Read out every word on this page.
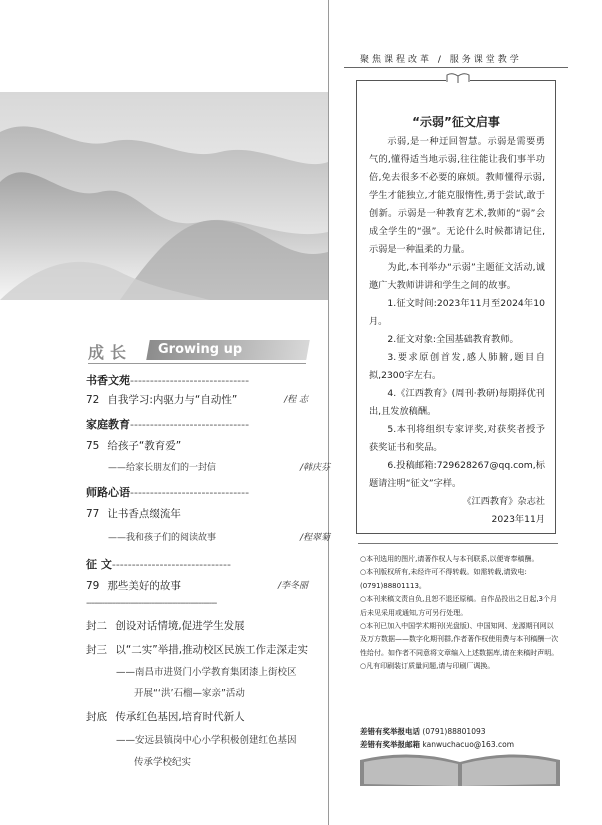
成长 Growing up
书香文苑------------------------------
72 自我学习:内驱力与“自动性”	/程 志
家庭教育------------------------------
75 给孩子“教育爱”
——给家长朋友们的一封信	/韩庆芬
师路心语------------------------------
77 让书香点缀流年
——我和孩子们的阅读故事	/程翠菊
征 文------------------------------
79 那些美好的故事	/李冬丽
--------------------------------------------------
封二 创设对话情境,促进学生发展
封三 以“二实”举措,推动校区民族工作走深走实
——南昌市进贤门小学教育集团漆上街校区
开展“‘洪’石榴—家亲”活动
封底 传承红色基因,培育时代新人
——安远县镇岗中心小学积极创建红色基因
传承学校纪实
聚焦课程改革 / 服务课堂教学
“示弱”征文启事

示弱,是一种迂回智慧。示弱是需要勇气的,懂得适当地示弱,往往能让我们事半功倍,免去很多不必要的麻烦。教师懂得示弱,学生才能独立,才能克服惰性,勇于尝试,敢于创新。示弱是一种教育艺术,教师的“弱”会成全学生的“强”。无论什么时候都请记住,示弱是一种温柔的力量。

为此,本刊举办“示弱”主题征文活动,诚邀广大教师讲讲和学生之间的故事。

1.征文时间:2023年11月至2024年10月。

2.征文对象:全国基础教育教师。

3.要求原创首发,感人肺腑,题目自拟,2300字左右。

4.《江西教育》(周刊·教研)每期择优刊出,且发放稿酬。

5.本刊将组织专家评奖,对获奖者授予获奖证书和奖品。

6.投稿邮箱:729628267@qq.com,标题请注明“征文”字样。

《江西教育》杂志社

2023年11月

○本刊选用的图片,请著作权人与本刊联系,以便寄奉稿酬。

○本刊版权所有,未经许可不得转载。如需转载,请致电:(0791)88801113。

○本刊来稿文责自负,且恕不退还原稿。自作品投出之日起,3个月后未见采用或通知,方可另行处理。

○本刊已加入中国学术期刊(光盘版)、中国知网、龙源期刊网以及万方数据——数字化期刊群,作者著作权使用费与本刊稿酬一次性给付。如作者不同意将文章编入上述数据库,请在来稿时声明。

○凡有印刷装订质量问题,请与印刷厂调换。

差错有奖举报电话 (0791)88801093
差错有奖举报邮箱 kanwuchacuo@163.com
